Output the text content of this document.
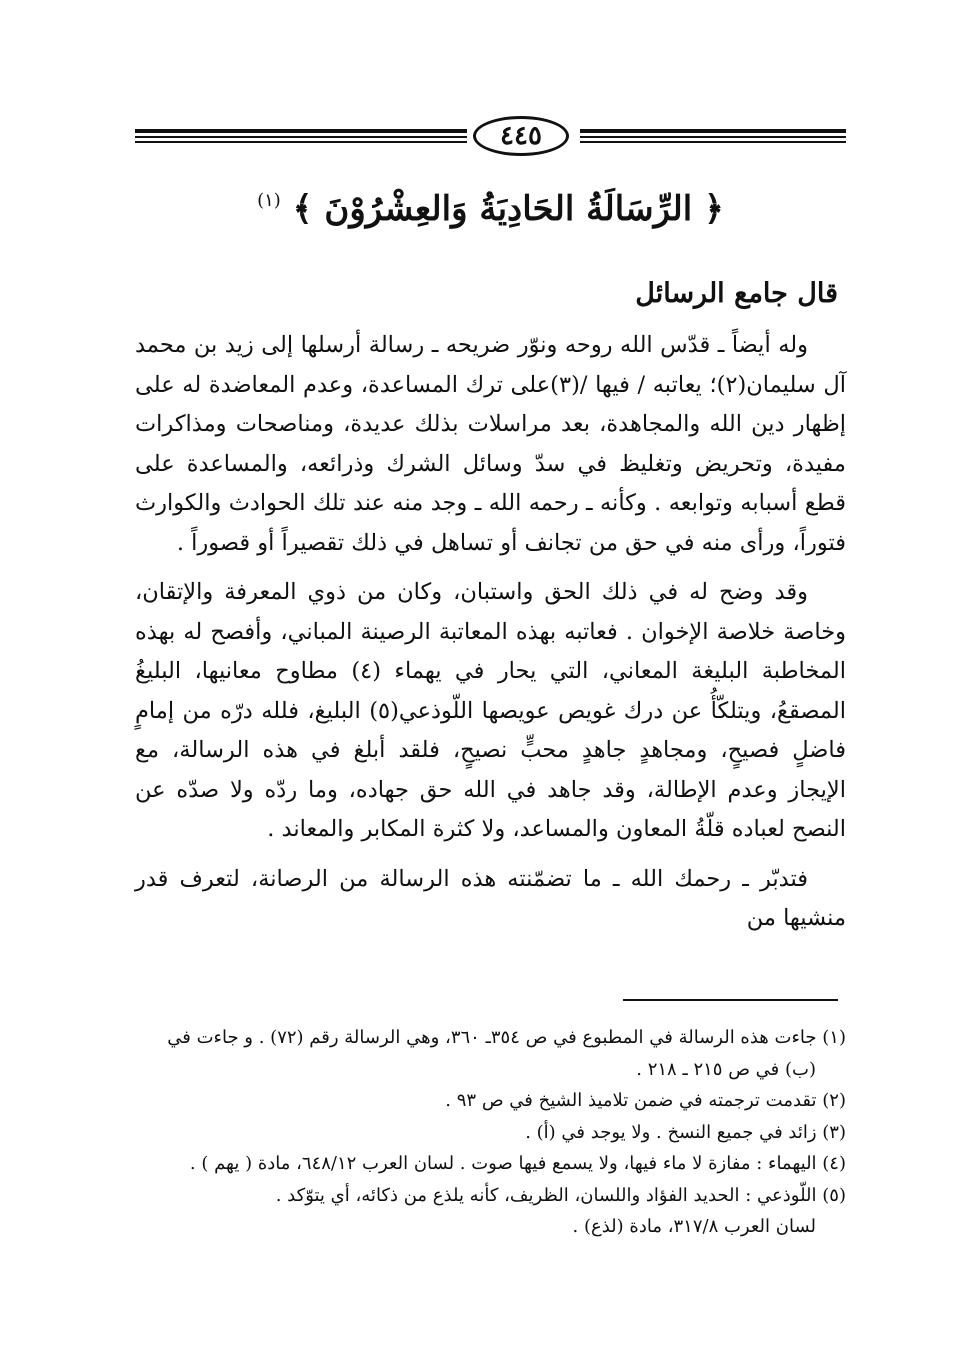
٤٤٥
﴿ الرِّسَالَةُ الحَادِيَةُ وَالعِشْرُوْنَ ﴾ $^{(١)}$
قال جامع الرسائل

وله أيضاً ـ قدّس الله روحه ونوّر ضريحه ـ رسالة أرسلها إلى زيد بن محمد آل سليمان(٢)؛ يعاتبه / فيها /(٣)على ترك المساعدة، وعدم المعاضدة له على إظهار دين الله والمجاهدة، بعد مراسلات بذلك عديدة، ومناصحات ومذاكرات مفيدة، وتحريض وتغليظ في سدّ وسائل الشرك وذرائعه، والمساعدة على قطع أسبابه وتوابعه . وكأنه ـ رحمه الله ـ وجد منه عند تلك الحوادث والكوارث فتوراً، ورأى منه في حق من تجانف أو تساهل في ذلك تقصيراً أو قصوراً .

وقد وضح له في ذلك الحق واستبان، وكان من ذوي المعرفة والإتقان، وخاصة خلاصة الإخوان . فعاتبه بهذه المعاتبة الرصينة المباني، وأفصح له بهذه المخاطبة البليغة المعاني، التي يحار في يهماء (٤) مطاوح معانيها، البليغُ المصقعُ، ويتلكّأُ عن درك غويص عويصها اللّوذعي(٥) البليغ، فلله درّه من إمامٍ فاضلٍ فصيحٍ، ومجاهدٍ جاهدٍ محبٍّ نصيحٍ، فلقد أبلغ في هذه الرسالة، مع الإيجاز وعدم الإطالة، وقد جاهد في الله حق جهاده، وما ردّه ولا صدّه عن النصح لعباده قلّةُ المعاون والمساعد، ولا كثرة المكابر والمعاند .

فتدبّر ـ رحمك الله ـ ما تضمّنته هذه الرسالة من الرصانة، لتعرف قدر منشيها من

(١) جاءت هذه الرسالة في المطبوع في ص ٣٥٤ـ ٣٦٠، وهي الرسالة رقم (٧٢) . و جاءت في

(ب) في ص ٢١٥ ـ ٢١٨ .

(٢) تقدمت ترجمته في ضمن تلاميذ الشيخ في ص ٩٣ .

(٣) زائد في جميع النسخ . ولا يوجد في (أ) .

(٤) اليهماء : مفازة لا ماء فيها، ولا يسمع فيها صوت . لسان العرب ٦٤٨/١٢، مادة ( يهم ) .

(٥) اللّوذعي : الحديد الفؤاد واللسان، الظريف، كأنه يلذع من ذكائه، أي يتوّكد .

لسان العرب ٣١٧/٨، مادة (لذع) .
